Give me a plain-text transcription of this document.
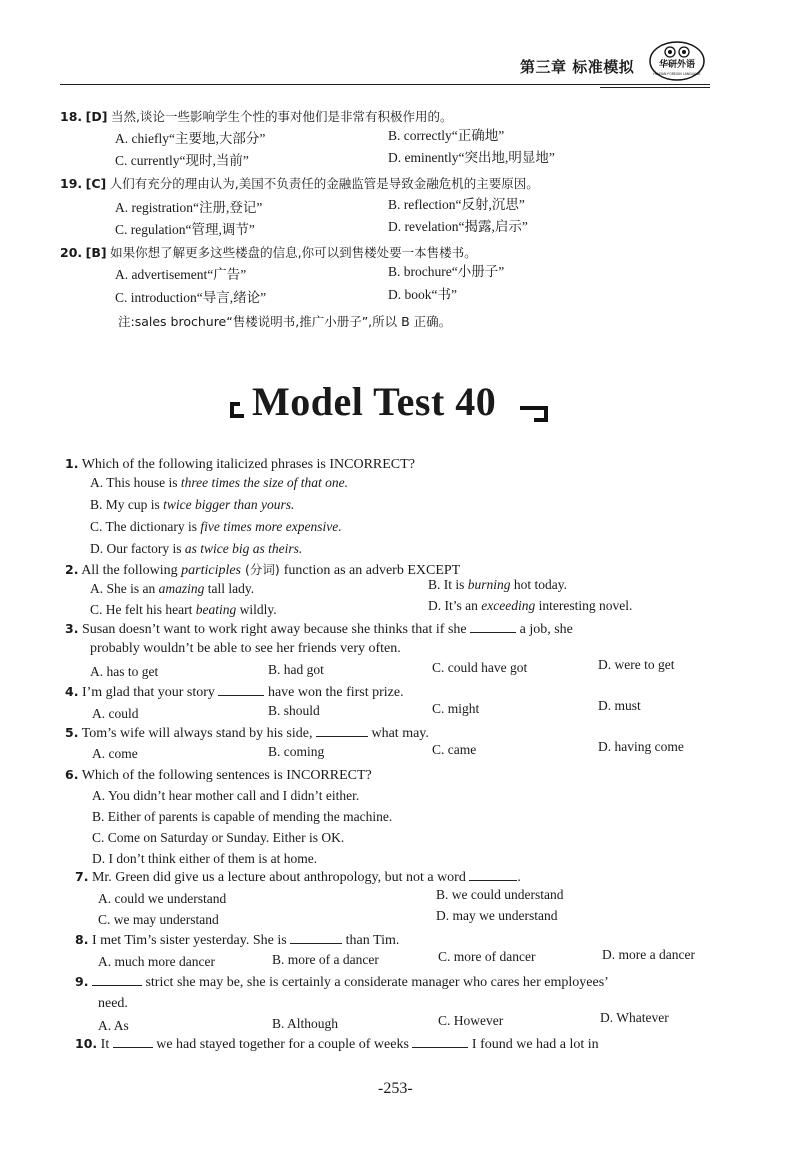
第三章 标准模拟	华研外语
HUAYAN FOREIGN LANGUAGE
18. [D] 当然,谈论一些影响学生个性的事对他们是非常有积极作用的。
A. chiefly“主要地,大部分”	B. correctly“正确地”
C. currently“现时,当前”	D. eminently“突出地,明显地”
19. [C] 人们有充分的理由认为,美国不负责任的金融监管是导致金融危机的主要原因。
A. registration“注册,登记”	B. reflection“反射,沉思”
C. regulation“管理,调节”	D. revelation“揭露,启示”
20. [B] 如果你想了解更多这些楼盘的信息,你可以到售楼处要一本售楼书。
A. advertisement“广告”	B. brochure“小册子”
C. introduction“导言,绪论”	D. book“书”
注:sales brochure“售楼说明书,推广小册子”,所以 B 正确。
Model Test 40
1. Which of the following italicized phrases is INCORRECT?
A. This house is three times the size of that one.
B. My cup is twice bigger than yours.
C. The dictionary is five times more expensive.
D. Our factory is as twice big as theirs.
2. All the following participles (分词) function as an adverb EXCEPT
A. She is an amazing tall lady.	B. It is burning hot today.
C. He felt his heart beating wildly.	D. It’s an exceeding interesting novel.
3. Susan doesn’t want to work right away because she thinks that if she	a job, she
probably wouldn’t be able to see her friends very often.
A. has to get	B. had got	C. could have got	D. were to get
4. I’m glad that your story	have won the first prize.
A. could	B. should	C. might	D. must
5. Tom’s wife will always stand by his side,	what may.
A. come	B. coming	C. came	D. having come
6. Which of the following sentences is INCORRECT?
A. You didn’t hear mother call and I didn’t either.
B. Either of parents is capable of mending the machine.
C. Come on Saturday or Sunday. Either is OK.
D. I don’t think either of them is at home.
7. Mr. Green did give us a lecture about anthropology, but not a word	.
A. could we understand	B. we could understand
C. we may understand	D. may we understand
8. I met Tim’s sister yesterday. She is	than Tim.
A. much more dancer	B. more of a dancer	C. more of dancer	D. more a dancer
9.	strict she may be, she is certainly a considerate manager who cares her employees’
need.
A. As	B. Although	C. However	D. Whatever
10. It	we had stayed together for a couple of weeks	I found we had a lot in
-253-
